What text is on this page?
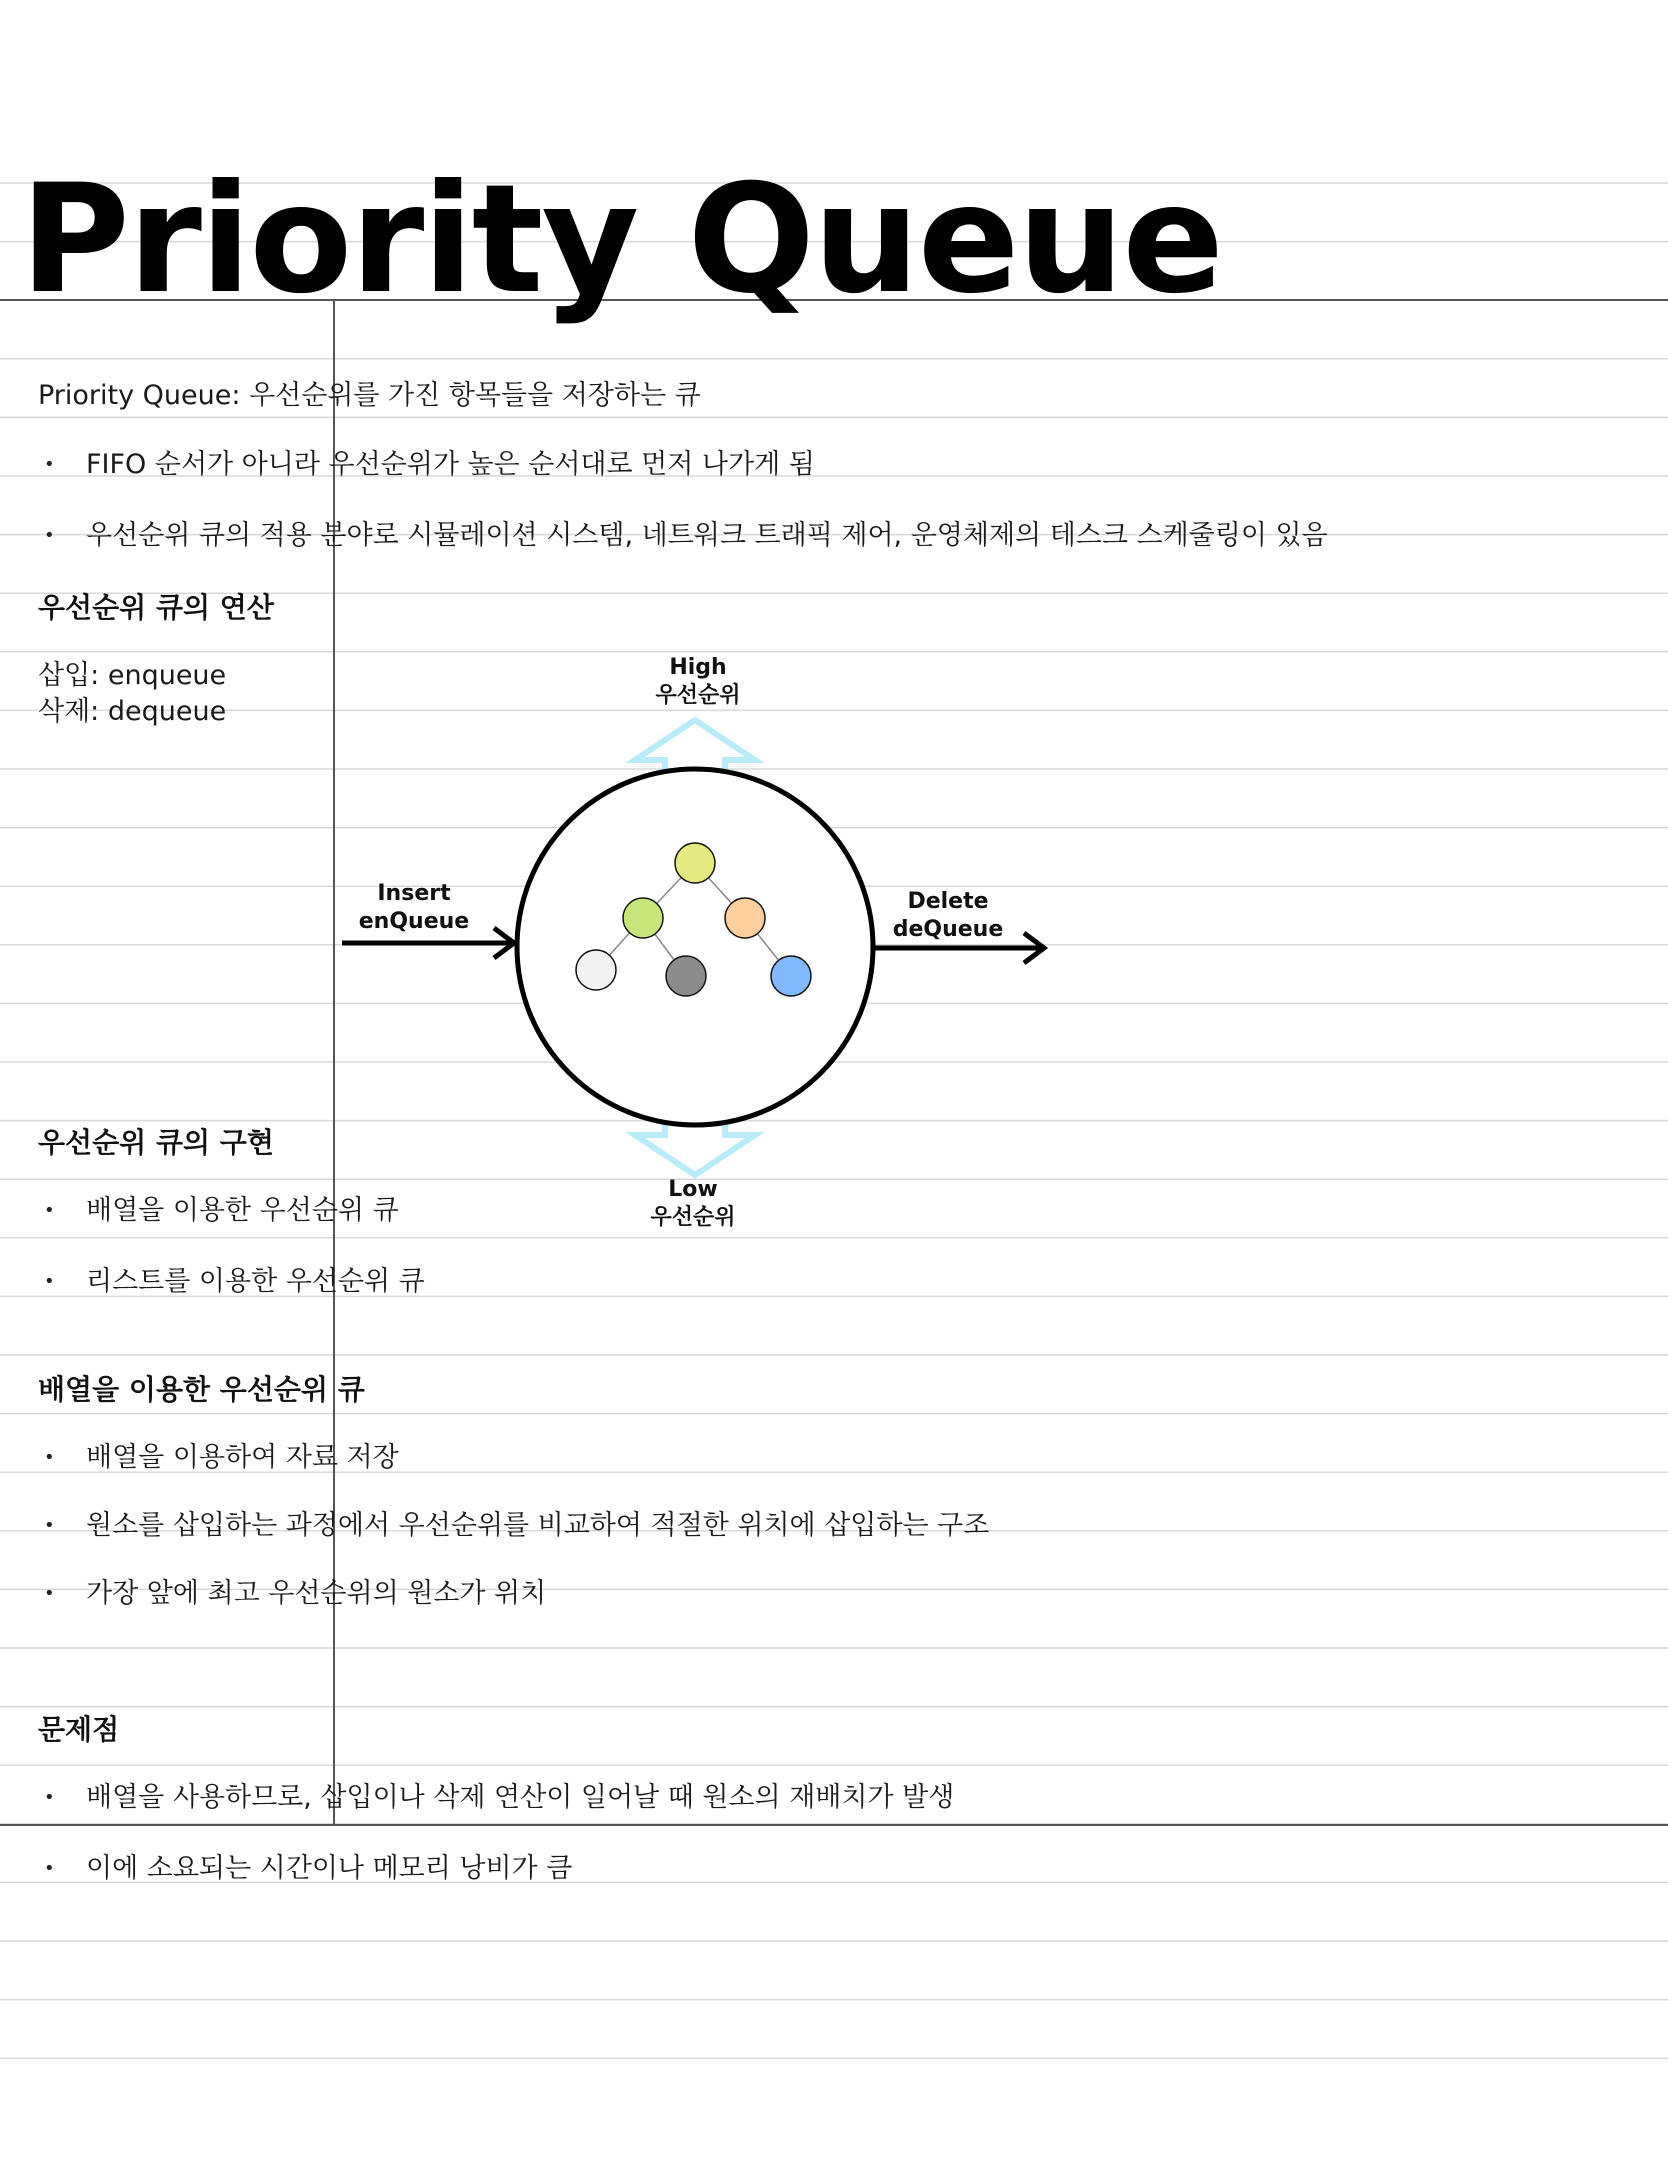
Priority Queue
Priority Queue: 우선순위를 가진 항목들을 저장하는 큐
• FIFO 순서가 아니라 우선순위가 높은 순서대로 먼저 나가게 됨
• 우선순위 큐의 적용 분야로 시뮬레이션 시스템, 네트워크 트래픽 제어, 운영체제의 테스크 스케줄링이 있음
우선순위 큐의 연산
삽입: enqueue
삭제: dequeue
High
우선순위
Insert
enQueue
Delete
deQueue
Low
우선순위
우선순위 큐의 구현
• 배열을 이용한 우선순위 큐
• 리스트를 이용한 우선순위 큐
배열을 이용한 우선순위 큐
• 배열을 이용하여 자료 저장
• 원소를 삽입하는 과정에서 우선순위를 비교하여 적절한 위치에 삽입하는 구조
• 가장 앞에 최고 우선순위의 원소가 위치
문제점
• 배열을 사용하므로, 삽입이나 삭제 연산이 일어날 때 원소의 재배치가 발생
• 이에 소요되는 시간이나 메모리 낭비가 큼
